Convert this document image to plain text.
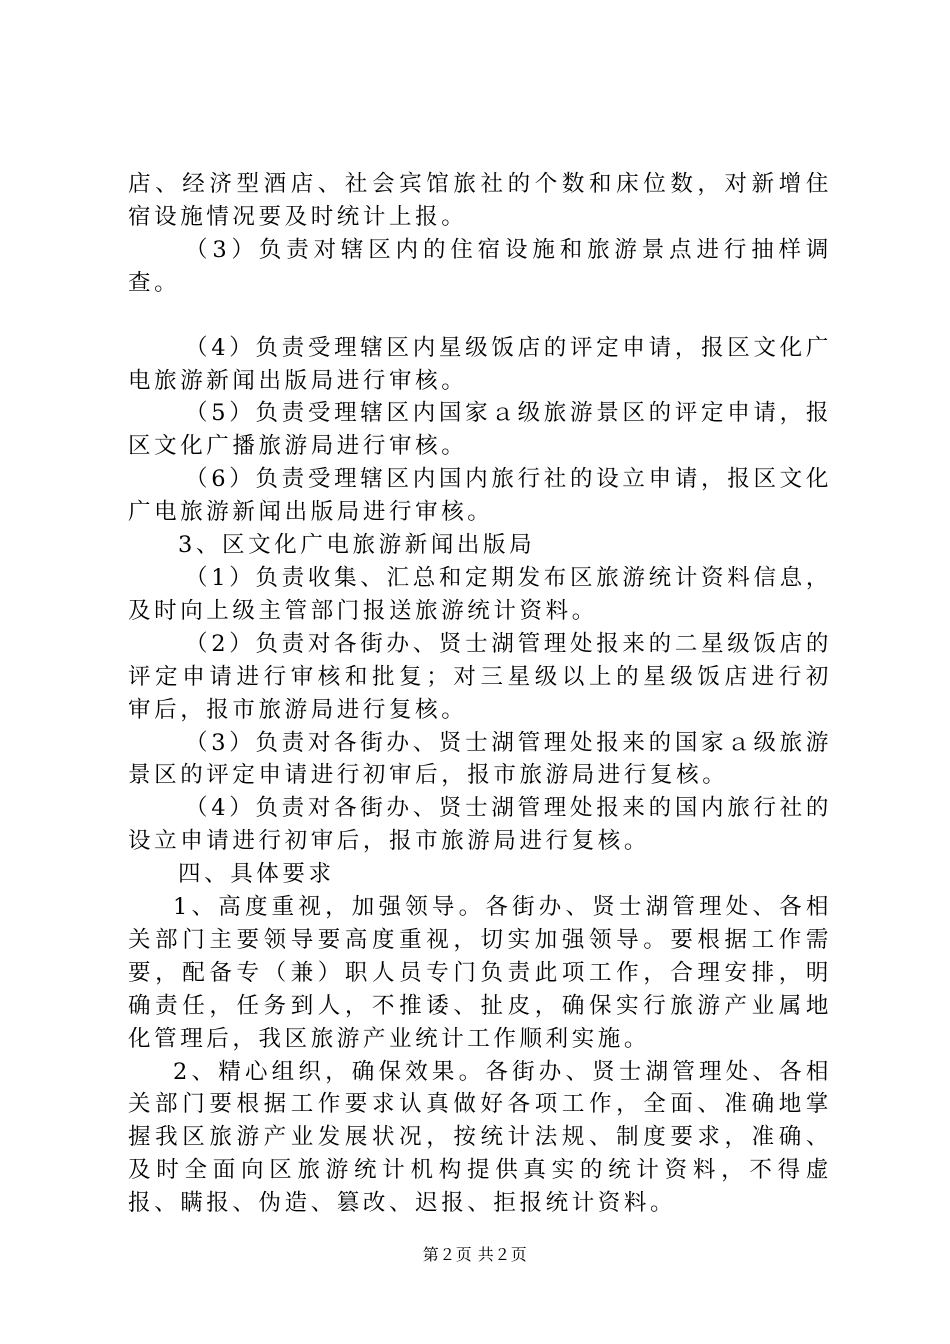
店、经济型酒店、社会宾馆旅社的个数和床位数，对新增住宿设施情况要及时统计上报。

（3）负责对辖区内的住宿设施和旅游景点进行抽样调查。

（4）负责受理辖区内星级饭店的评定申请，报区文化广电旅游新闻出版局进行审核。

（5）负责受理辖区内国家ａ级旅游景区的评定申请，报区文化广播旅游局进行审核。

（6）负责受理辖区内国内旅行社的设立申请，报区文化广电旅游新闻出版局进行审核。

3、区文化广电旅游新闻出版局

（1）负责收集、汇总和定期发布区旅游统计资料信息，及时向上级主管部门报送旅游统计资料。

（2）负责对各街办、贤士湖管理处报来的二星级饭店的评定申请进行审核和批复；对三星级以上的星级饭店进行初审后，报市旅游局进行复核。

（3）负责对各街办、贤士湖管理处报来的国家ａ级旅游景区的评定申请进行初审后，报市旅游局进行复核。

（4）负责对各街办、贤士湖管理处报来的国内旅行社的设立申请进行初审后，报市旅游局进行复核。

四、具体要求

1、高度重视，加强领导。各街办、贤士湖管理处、各相关部门主要领导要高度重视，切实加强领导。要根据工作需要，配备专（兼）职人员专门负责此项工作，合理安排，明确责任，任务到人，不推诿、扯皮，确保实行旅游产业属地化管理后，我区旅游产业统计工作顺利实施。

2、精心组织，确保效果。各街办、贤士湖管理处、各相关部门要根据工作要求认真做好各项工作，全面、准确地掌握我区旅游产业发展状况，按统计法规、制度要求，准确、及时全面向区旅游统计机构提供真实的统计资料，不得虚报、瞒报、伪造、篡改、迟报、拒报统计资料。

第２页 共２页
